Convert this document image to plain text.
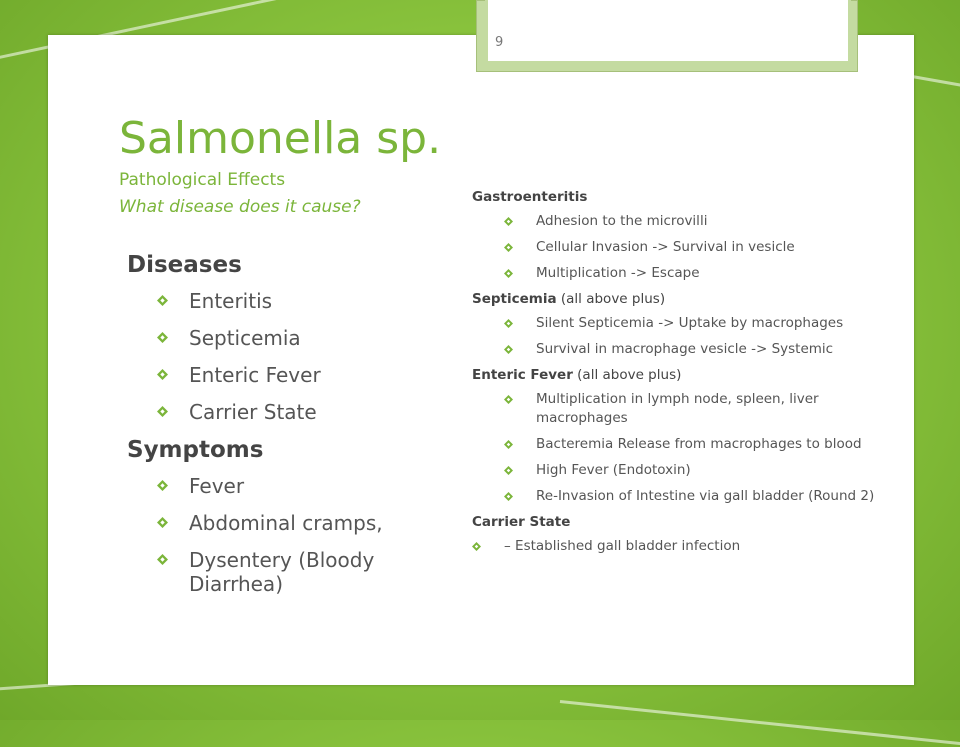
9
Salmonella sp.
Pathological Effects
What disease does it cause?

Diseases

Enteritis
Septicemia
Enteric Fever
Carrier State

Symptoms

Fever
Abdominal cramps,
Dysentery (Bloody Diarrhea)

Gastroenteritis

Adhesion to the microvilli
Cellular Invasion -> Survival in vesicle
Multiplication -> Escape

Septicemia (all above plus)

Silent Septicemia -> Uptake by macrophages
Survival in macrophage vesicle -> Systemic

Enteric Fever (all above plus)

Multiplication in lymph node, spleen, liver macrophages
Bacteremia Release from macrophages to blood
High Fever (Endotoxin)
Re-Invasion of Intestine via gall bladder (Round 2)

Carrier State

– Established gall bladder infection
